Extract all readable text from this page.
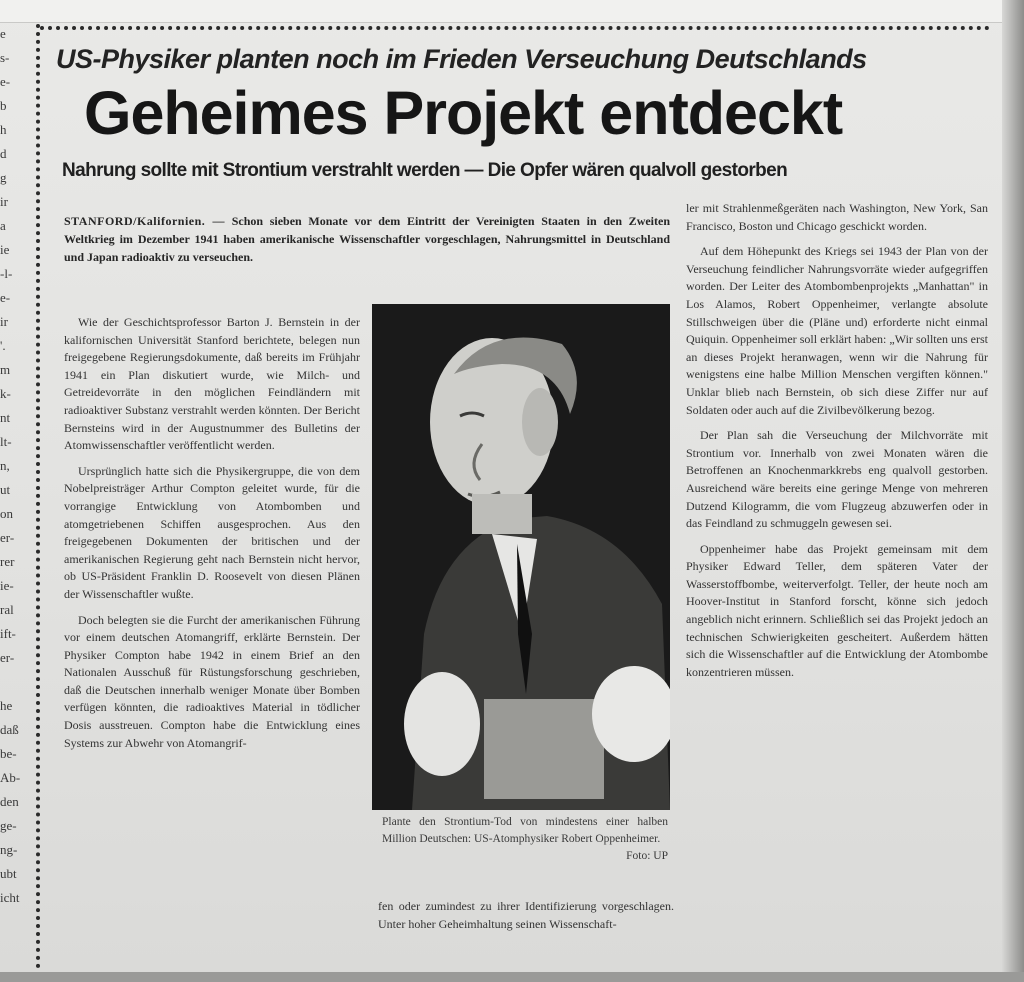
e
s-
e-
b
h
d
g
ir
a
ie
-l-
e-
ir
'.
m
k-
nt
lt-
n,
ut
on
er-
rer
ie-
ral
ift-
er-

he
daß
be-
Ab-
den
ge-
ng-
ubt
icht
US-Physiker planten noch im Frieden Verseuchung Deutschlands
Geheimes Projekt entdeckt
Nahrung sollte mit Strontium verstrahlt werden — Die Opfer wären qualvoll gestorben
STANFORD/Kalifornien. — Schon sieben Monate vor dem Eintritt der Vereinigten Staaten in den Zweiten Weltkrieg im Dezember 1941 haben amerikanische Wissenschaftler vorgeschlagen, Nahrungsmittel in Deutschland und Japan radioaktiv zu verseuchen.

Wie der Geschichtsprofessor Barton J. Bernstein in der kalifornischen Universität Stanford berichtete, belegen nun freigegebene Regierungsdokumente, daß bereits im Frühjahr 1941 ein Plan diskutiert wurde, wie Milch- und Getreidevorräte in den möglichen Feindländern mit radioaktiver Substanz verstrahlt werden könnten. Der Bericht Bernsteins wird in der Augustnummer des Bulletins der Atomwissenschaftler veröffentlicht werden.

Ursprünglich hatte sich die Physikergruppe, die von dem Nobelpreisträger Arthur Compton geleitet wurde, für die vorrangige Entwicklung von Atombomben und atomgetriebenen Schiffen ausgesprochen. Aus den freigegebenen Dokumenten der britischen und der amerikanischen Regierung geht nach Bernstein nicht hervor, ob US-Präsident Franklin D. Roosevelt von diesen Plänen der Wissenschaftler wußte.

Doch belegten sie die Furcht der amerikanischen Führung vor einem deutschen Atomangriff, erklärte Bernstein. Der Physiker Compton habe 1942 in einem Brief an den Nationalen Ausschuß für Rüstungsforschung geschrieben, daß die Deutschen innerhalb weniger Monate über Bomben verfügen könnten, die radioaktives Material in tödlicher Dosis ausstreuen. Compton habe die Entwicklung eines Systems zur Abwehr von Atomangrif-

Plante den Strontium-Tod von mindestens einer halben Million Deutschen: US-Atomphysiker Robert Oppenheimer.
Foto: UP

fen oder zumindest zu ihrer Identifizierung vorgeschlagen. Unter hoher Geheimhaltung seinen Wissenschaft-

ler mit Strahlenmeßgeräten nach Washington, New York, San Francisco, Boston und Chicago geschickt worden.

Auf dem Höhepunkt des Kriegs sei 1943 der Plan von der Verseuchung feindlicher Nahrungsvorräte wieder aufgegriffen worden. Der Leiter des Atombombenprojekts „Manhattan" in Los Alamos, Robert Oppenheimer, verlangte absolute Stillschweigen über die (Pläne und) erforderte nicht einmal Quiquin. Oppenheimer soll erklärt haben: „Wir sollten uns erst an dieses Projekt heranwagen, wenn wir die Nahrung für wenigstens eine halbe Million Menschen vergiften können." Unklar blieb nach Bernstein, ob sich diese Ziffer nur auf Soldaten oder auch auf die Zivilbevölkerung bezog.

Der Plan sah die Verseuchung der Milchvorräte mit Strontium vor. Innerhalb von zwei Monaten wären die Betroffenen an Knochenmarkkrebs eng qualvoll gestorben. Ausreichend wäre bereits eine geringe Menge von mehreren Dutzend Kilogramm, die vom Flugzeug abzuwerfen oder in das Feindland zu schmuggeln gewesen sei.

Oppenheimer habe das Projekt gemeinsam mit dem Physiker Edward Teller, dem späteren Vater der Wasserstoffbombe, weiterverfolgt. Teller, der heute noch am Hoover-Institut in Stanford forscht, könne sich jedoch angeblich nicht erinnern. Schließlich sei das Projekt jedoch an technischen Schwierigkeiten gescheitert. Außerdem hätten sich die Wissenschaftler auf die Entwicklung der Atombombe konzentrieren müssen.
